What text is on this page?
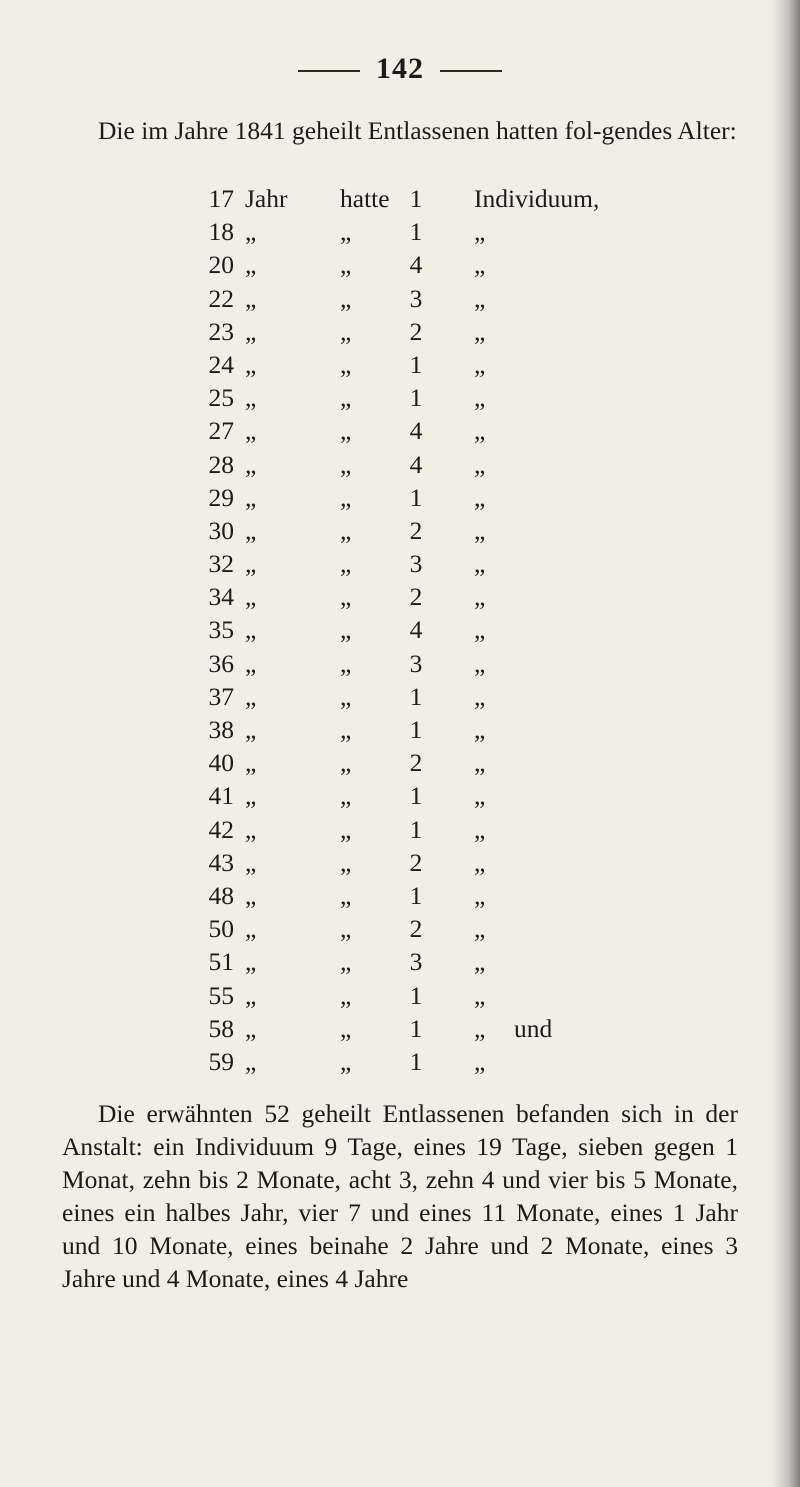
142
Die im Jahre 1841 geheilt Entlassenen hatten fol-gendes Alter:
17 Jahr hatte 1 Individuum,
18 „	„ 1 „
20 „	„ 4 „
22 „	„ 3 „
23 „	„ 2 „
24 „	„ 1 „
25 „	„ 1 „
27 „	„ 4 „
28 „	„ 4 „
29 „	„ 1 „
30 „	„ 2 „
32 „	„ 3 „
34 „	„ 2 „
35 „	„ 4 „
36 „	„ 3 „
37 „	„ 1 „
38 „	„ 1 „
40 „	„ 2 „
41 „	„ 1 „
42 „	„ 1 „
43 „	„ 2 „
48 „	„ 1 „
50 „	„ 2 „
51 „	„ 3 „
55 „	„ 1 „
58 „	„ 1 „ und
59 „	„ 1 „
Die erwähnten 52 geheilt Entlassenen befanden sich in der Anstalt: ein Individuum 9 Tage, eines 19 Tage, sieben gegen 1 Monat, zehn bis 2 Monate, acht 3, zehn 4 und vier bis 5 Monate, eines ein halbes Jahr, vier 7 und eines 11 Monate, eines 1 Jahr und 10 Monate, eines beinahe 2 Jahre und 2 Monate, eines 3 Jahre und 4 Monate, eines 4 Jahre
